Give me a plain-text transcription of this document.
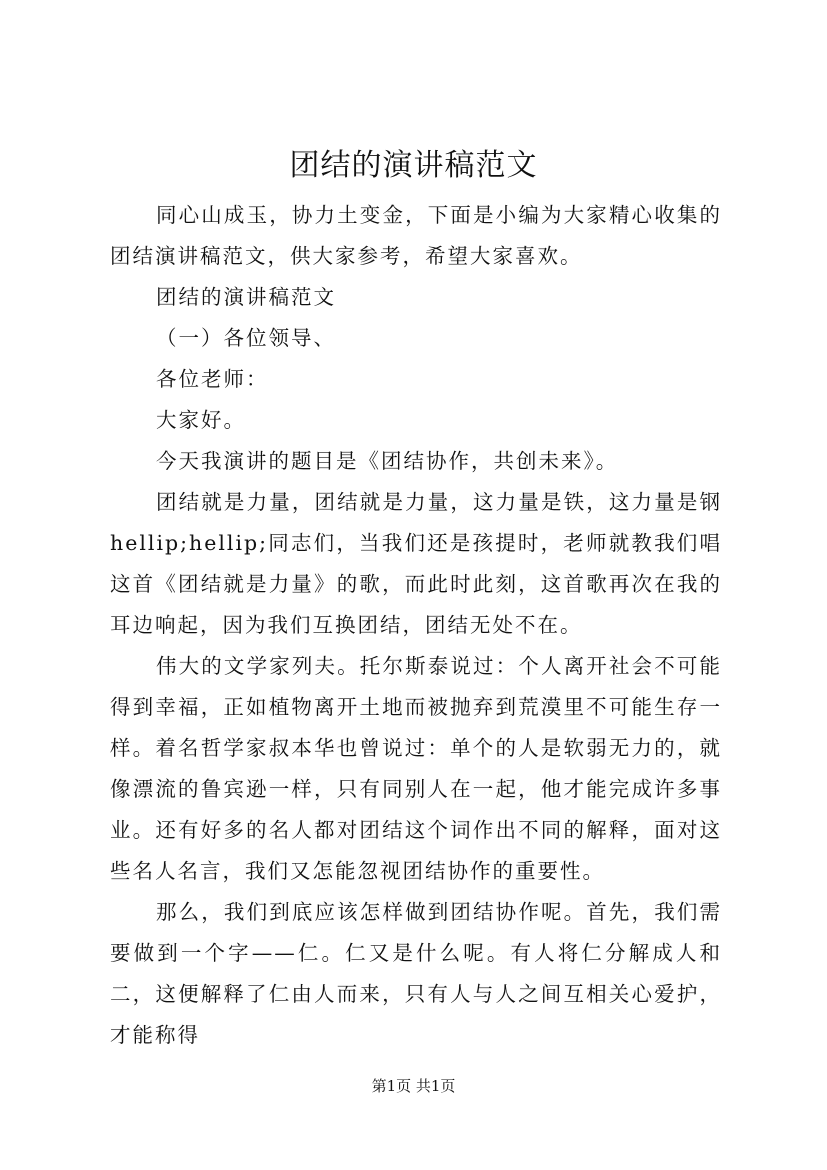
团结的演讲稿范文

同心山成玉，协力土变金，下面是小编为大家精心收集的团结演讲稿范文，供大家参考，希望大家喜欢。

团结的演讲稿范文

（一）各位领导、

各位老师：

大家好。

今天我演讲的题目是《团结协作，共创未来》。

团结就是力量，团结就是力量，这力量是铁，这力量是钢hellip;hellip;同志们，当我们还是孩提时，老师就教我们唱这首《团结就是力量》的歌，而此时此刻，这首歌再次在我的耳边响起，因为我们互换团结，团结无处不在。

伟大的文学家列夫。托尔斯泰说过：个人离开社会不可能得到幸福，正如植物离开土地而被抛弃到荒漠里不可能生存一样。着名哲学家叔本华也曾说过：单个的人是软弱无力的，就像漂流的鲁宾逊一样，只有同别人在一起，他才能完成许多事业。还有好多的名人都对团结这个词作出不同的解释，面对这些名人名言，我们又怎能忽视团结协作的重要性。

那么，我们到底应该怎样做到团结协作呢。首先，我们需要做到一个字——仁。仁又是什么呢。有人将仁分解成人和二，这便解释了仁由人而来，只有人与人之间互相关心爱护，才能称得

第1页 共1页
